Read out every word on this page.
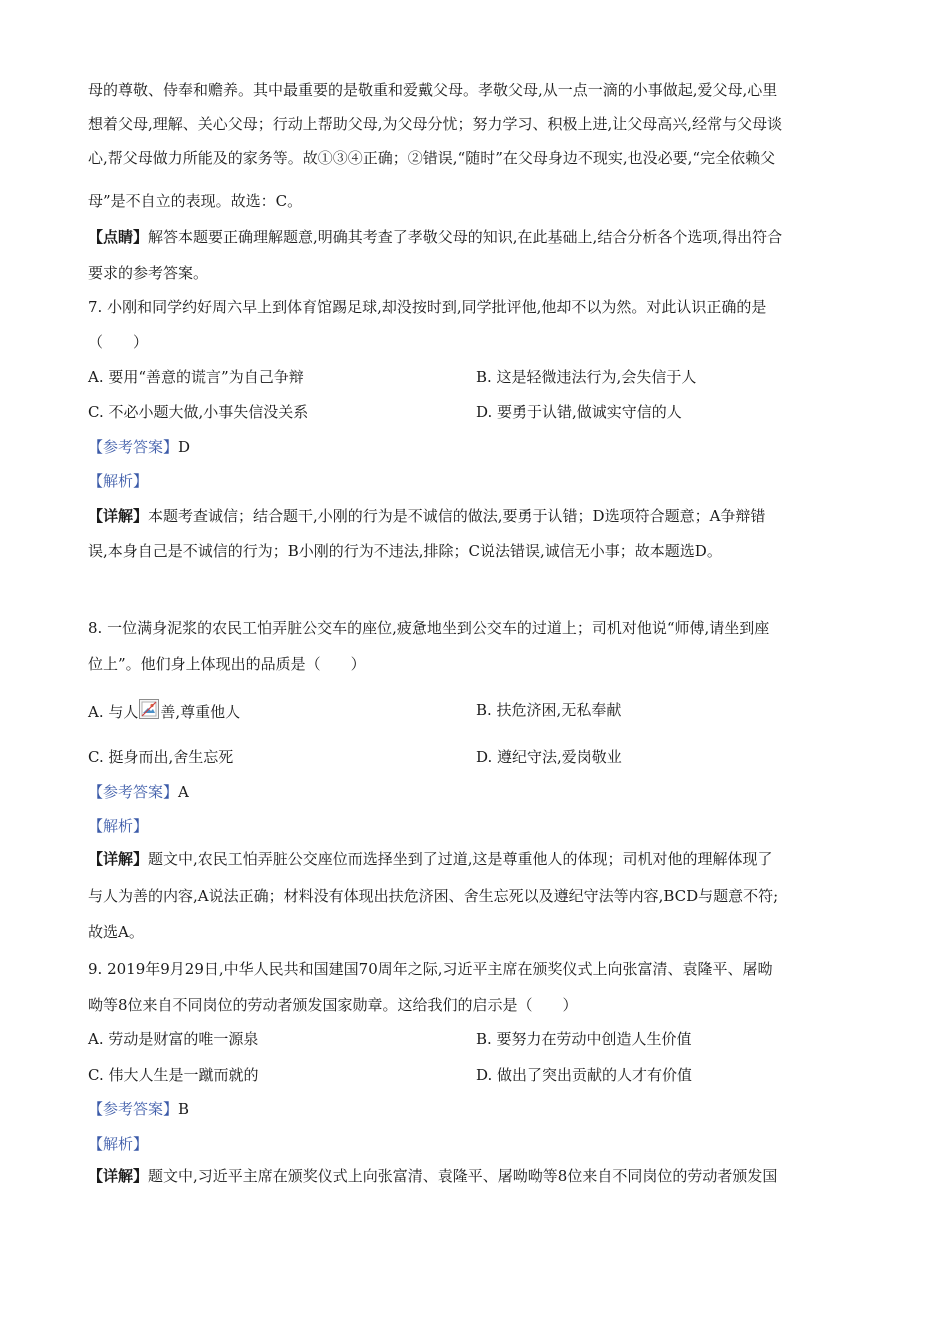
母的尊敬、侍奉和赡养。其中最重要的是敬重和爱戴父母。孝敬父母,从一点一滴的小事做起,爱父母,心里
想着父母,理解、关心父母；行动上帮助父母,为父母分忧；努力学习、积极上进,让父母高兴,经常与父母谈
心,帮父母做力所能及的家务等。故①③④正确；②错误,“随时”在父母身边不现实,也没必要,“完全依赖父
母”是不自立的表现。故选：C。
【点睛】解答本题要正确理解题意,明确其考查了孝敬父母的知识,在此基础上,结合分析各个选项,得出符合
要求的参考答案。
7. 小刚和同学约好周六早上到体育馆踢足球,却没按时到,同学批评他,他却不以为然。对此认识正确的是
（　　）
A. 要用“善意的谎言”为自己争辩	B. 这是轻微违法行为,会失信于人
C. 不必小题大做,小事失信没关系	D. 要勇于认错,做诚实守信的人
【参考答案】D
【解析】
【详解】本题考查诚信；结合题干,小刚的行为是不诚信的做法,要勇于认错；D选项符合题意；A争辩错
误,本身自己是不诚信的行为；B小刚的行为不违法,排除；C说法错误,诚信无小事；故本题选D。
8. 一位满身泥浆的农民工怕弄脏公交车的座位,疲惫地坐到公交车的过道上；司机对他说“师傅,请坐到座
位上”。他们身上体现出的品质是（　　）
A. 与人 善,尊重他人	B. 扶危济困,无私奉献
C. 挺身而出,舍生忘死	D. 遵纪守法,爱岗敬业
【参考答案】A
【解析】
【详解】题文中,农民工怕弄脏公交座位而选择坐到了过道,这是尊重他人的体现；司机对他的理解体现了
与人为善的内容,A说法正确；材料没有体现出扶危济困、舍生忘死以及遵纪守法等内容,BCD与题意不符;
故选A。
9. 2019年9月29日,中华人民共和国建国70周年之际,习近平主席在颁奖仪式上向张富清、袁隆平、屠呦
呦等8位来自不同岗位的劳动者颁发国家勋章。这给我们的启示是（　　）
A. 劳动是财富的唯一源泉	B. 要努力在劳动中创造人生价值
C. 伟大人生是一蹴而就的	D. 做出了突出贡献的人才有价值
【参考答案】B
【解析】
【详解】题文中,习近平主席在颁奖仪式上向张富清、袁隆平、屠呦呦等8位来自不同岗位的劳动者颁发国
